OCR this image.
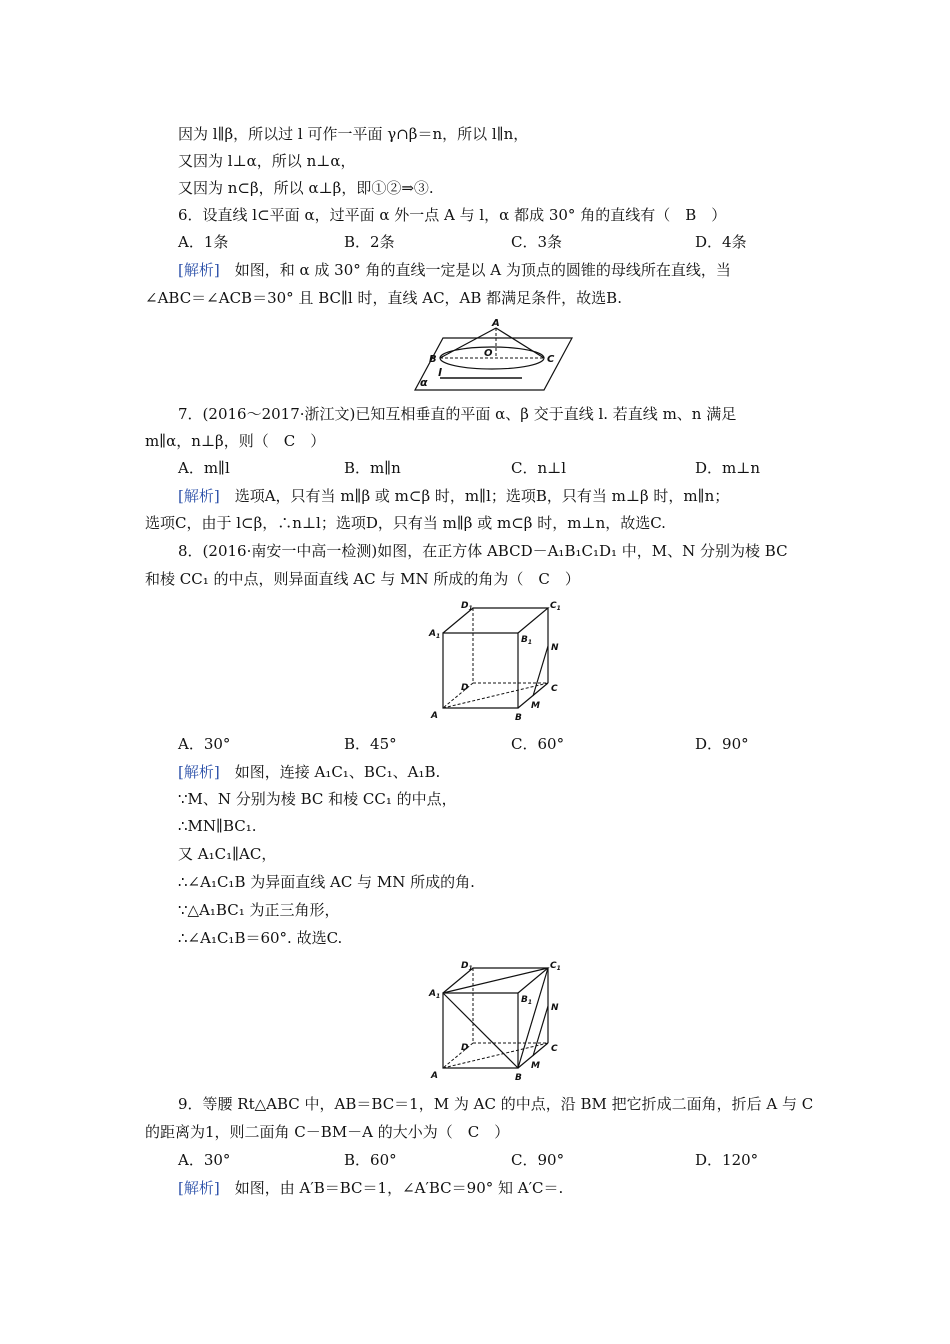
因为 l∥β，所以过 l 可作一平面 γ∩β＝n，所以 l∥n，
又因为 l⊥α，所以 n⊥α，
又因为 n⊂β，所以 α⊥β，即①②⇒③.
6．设直线 l⊂平面 α，过平面 α 外一点 A 与 l，α 都成 30° 角的直线有（　B　）
A．1条	B．2条	C．3条	D．4条
[解析]　如图，和 α 成 30° 角的直线一定是以 A 为顶点的圆锥的母线所在直线，当
∠ABC＝∠ACB＝30° 且 BC∥l 时，直线 AC，AB 都满足条件，故选B.
A
B	C
O
α
l
7．(2016～2017·浙江文)已知互相垂直的平面 α、β 交于直线 l. 若直线 m、n 满足
m∥α，n⊥β，则（　C　）
A．m∥l	B．m∥n	C．n⊥l	D．m⊥n
[解析]　选项A，只有当 m∥β 或 m⊂β 时，m∥l；选项B，只有当 m⊥β 时，m∥n；
选项C，由于 l⊂β，∴n⊥l；选项D，只有当 m∥β 或 m⊂β 时，m⊥n，故选C.
8．(2016·南安一中高一检测)如图，在正方体 ABCD－A₁B₁C₁D₁ 中，M、N 分别为棱 BC
和棱 CC₁ 的中点，则异面直线 AC 与 MN 所成的角为（　C　）
$D_1$	$C_1$
$A_1$	$B_1$
N
D	C
A
M
B
A．30°	B．45°	C．60°	D．90°
[解析]　如图，连接 A₁C₁、BC₁、A₁B.
∵M、N 分别为棱 BC 和棱 CC₁ 的中点，
∴MN∥BC₁.
又 A₁C₁∥AC，
∴∠A₁C₁B 为异面直线 AC 与 MN 所成的角.
∵△A₁BC₁ 为正三角形，
∴∠A₁C₁B＝60°. 故选C.
$D_1$	$C_1$
$A_1$	$B_1$
N
D	C
A
M
B
9．等腰 Rt△ABC 中，AB＝BC＝1，M 为 AC 的中点，沿 BM 把它折成二面角，折后 A 与 C
的距离为1，则二面角 C－BM－A 的大小为（　C　）
A．30°	B．60°	C．90°	D．120°
[解析]　如图，由 A′B＝BC＝1，∠A′BC＝90° 知 A′C＝.
